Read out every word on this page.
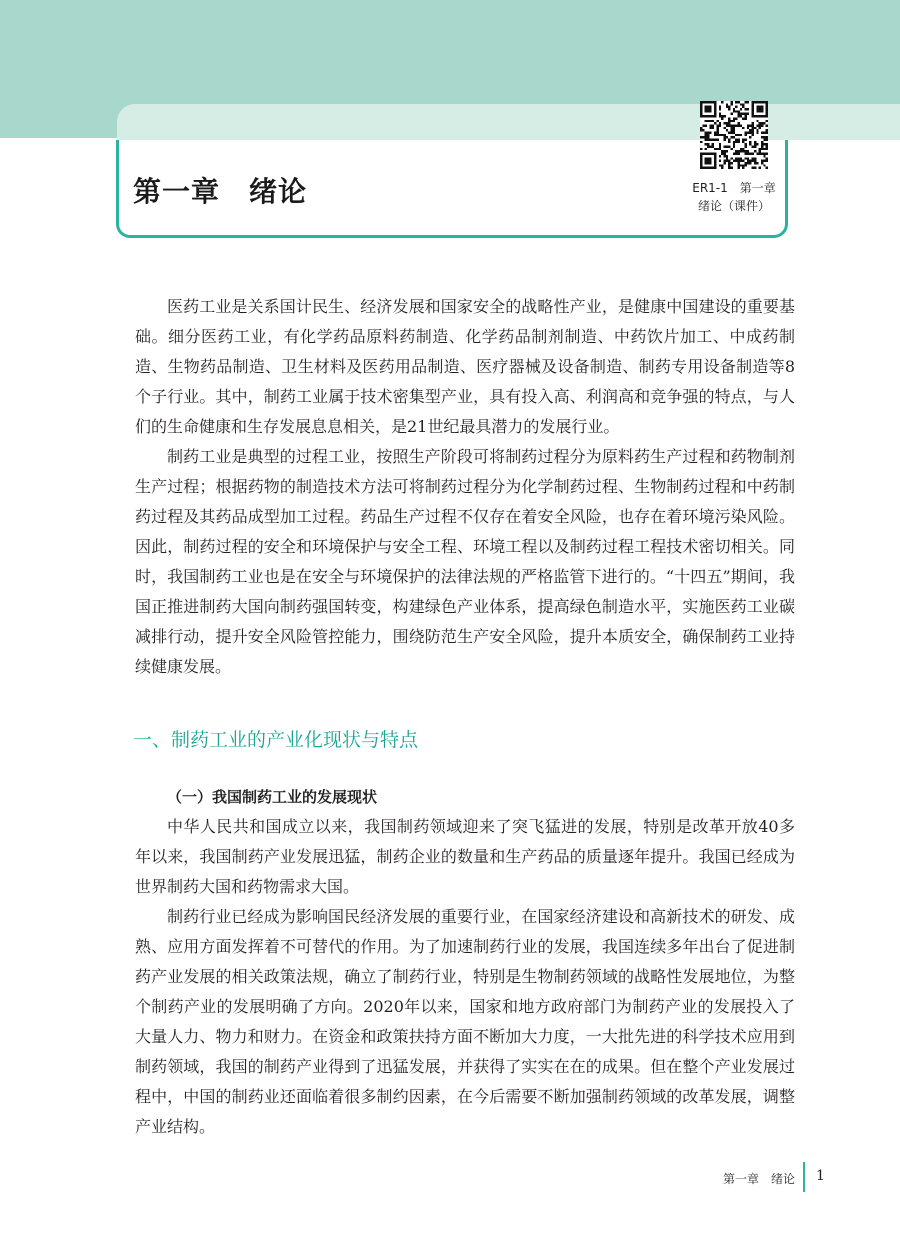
第一章　绪论	ER1-1　第一章
绪论（课件）

医药工业是关系国计民生、经济发展和国家安全的战略性产业，是健康中国建设的重要基础。细分医药工业，有化学药品原料药制造、化学药品制剂制造、中药饮片加工、中成药制造、生物药品制造、卫生材料及医药用品制造、医疗器械及设备制造、制药专用设备制造等8个子行业。其中，制药工业属于技术密集型产业，具有投入高、利润高和竞争强的特点，与人们的生命健康和生存发展息息相关，是21世纪最具潜力的发展行业。

制药工业是典型的过程工业，按照生产阶段可将制药过程分为原料药生产过程和药物制剂生产过程；根据药物的制造技术方法可将制药过程分为化学制药过程、生物制药过程和中药制药过程及其药品成型加工过程。药品生产过程不仅存在着安全风险，也存在着环境污染风险。因此，制药过程的安全和环境保护与安全工程、环境工程以及制药过程工程技术密切相关。同时，我国制药工业也是在安全与环境保护的法律法规的严格监管下进行的。“十四五”期间，我国正推进制药大国向制药强国转变，构建绿色产业体系，提高绿色制造水平，实施医药工业碳减排行动，提升安全风险管控能力，围绕防范生产安全风险，提升本质安全，确保制药工业持续健康发展。

一、制药工业的产业化现状与特点
（一）我国制药工业的发展现状

中华人民共和国成立以来，我国制药领域迎来了突飞猛进的发展，特别是改革开放40多年以来，我国制药产业发展迅猛，制药企业的数量和生产药品的质量逐年提升。我国已经成为世界制药大国和药物需求大国。

制药行业已经成为影响国民经济发展的重要行业，在国家经济建设和高新技术的研发、成熟、应用方面发挥着不可替代的作用。为了加速制药行业的发展，我国连续多年出台了促进制药产业发展的相关政策法规，确立了制药行业，特别是生物制药领域的战略性发展地位，为整个制药产业的发展明确了方向。2020年以来，国家和地方政府部门为制药产业的发展投入了大量人力、物力和财力。在资金和政策扶持方面不断加大力度，一大批先进的科学技术应用到制药领域，我国的制药产业得到了迅猛发展，并获得了实实在在的成果。但在整个产业发展过程中，中国的制药业还面临着很多制约因素，在今后需要不断加强制药领域的改革发展，调整产业结构。

第一章　绪论 1
